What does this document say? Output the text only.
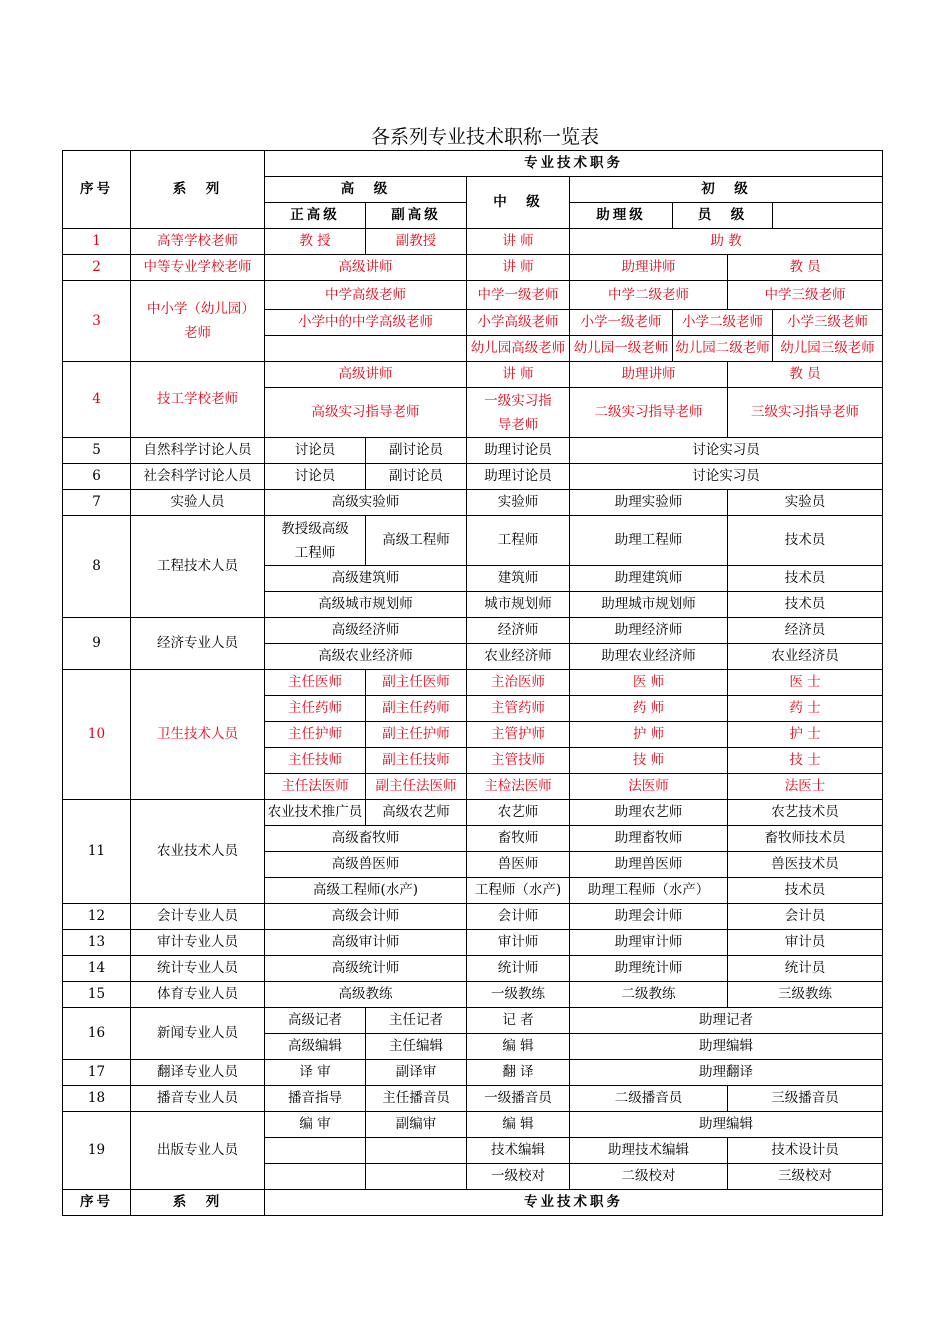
各系列专业技术职称一览表
序号	系　列	专业技术职务						
		高　级		中　级	初　级			
		正高级	副高级		助理级	员　级		
1	高等学校老师	教 授	副教授	讲 师	助 教			
2	中等专业学校老师	高级讲师		讲 师	助理讲师		教 员	
3	中小学（幼儿园）老师	中学高级老师		中学一级老师	中学二级老师		中学三级老师	
		小学中的中学高级老师		小学高级老师	小学一级老师	小学二级老师		小学三级老师
				幼儿园高级老师	幼儿园一级老师	幼儿园二级老师		幼儿园三级老师
4	技工学校老师	高级讲师		讲 师	助理讲师		教 员	
		高级实习指导老师		一级实习指导老师	二级实习指导老师		三级实习指导老师	
5	自然科学讨论人员	讨论员	副讨论员	助理讨论员	讨论实习员			
6	社会科学讨论人员	讨论员	副讨论员	助理讨论员	讨论实习员			
7	实验人员	高级实验师		实验师	助理实验师		实验员	
8	工程技术人员	教授级高级工程师	高级工程师	工程师	助理工程师		技术员	
		高级建筑师		建筑师	助理建筑师		技术员	
		高级城市规划师		城市规划师	助理城市规划师		技术员	
9	经济专业人员	高级经济师		经济师	助理经济师		经济员	
		高级农业经济师		农业经济师	助理农业经济师		农业经济员	
10	卫生技术人员	主任医师	副主任医师	主治医师	医 师		医 士	
		主任药师	副主任药师	主管药师	药 师		药 士	
		主任护师	副主任护师	主管护师	护 师		护 士	
		主任技师	副主任技师	主管技师	技 师		技 士	
		主任法医师	副主任法医师	主检法医师	法医师		法医士	
11	农业技术人员	农业技术推广员	高级农艺师	农艺师	助理农艺师		农艺技术员	
		高级畜牧师		畜牧师	助理畜牧师		畜牧师技术员	
		高级兽医师		兽医师	助理兽医师		兽医技术员	
		高级工程师(水产)		工程师（水产)	助理工程师（水产）		技术员	
12	会计专业人员	高级会计师		会计师	助理会计师		会计员	
13	审计专业人员	高级审计师		审计师	助理审计师		审计员	
14	统计专业人员	高级统计师		统计师	助理统计师		统计员	
15	体育专业人员	高级教练		一级教练	二级教练		三级教练	
16	新闻专业人员	高级记者	主任记者	记 者	助理记者			
		高级编辑	主任编辑	编 辑	助理编辑			
17	翻译专业人员	译 审	副译审	翻 译	助理翻译			
18	播音专业人员	播音指导	主任播音员	一级播音员	二级播音员		三级播音员	
19	出版专业人员	编 审	副编审	编 辑	助理编辑			
				技术编辑	助理技术编辑		技术设计员	
				一级校对	二级校对		三级校对	
序号	系　列	专业技术职务						
